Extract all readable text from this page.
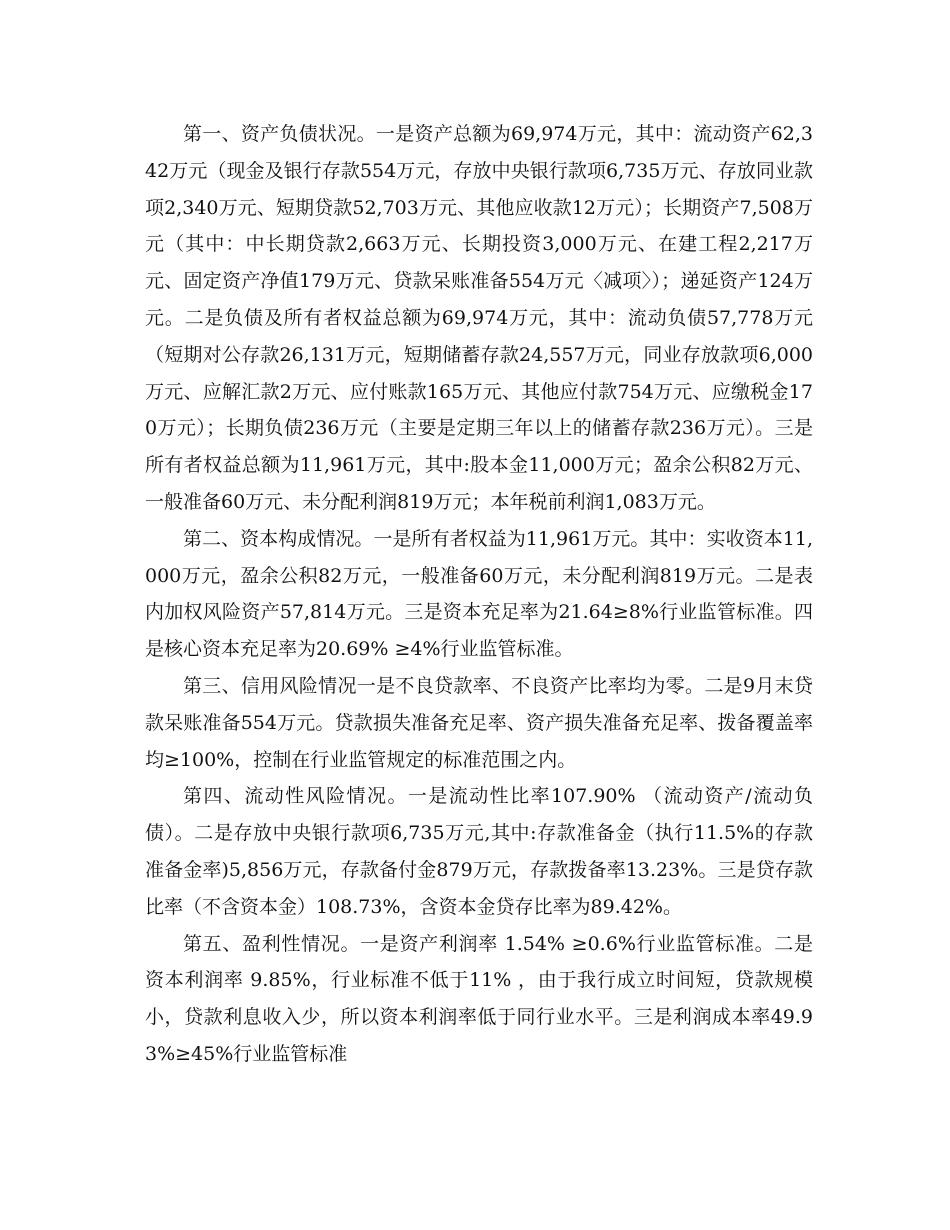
第一、资产负债状况。一是资产总额为69,974万元，其中：流动资产62,342万元（现金及银行存款554万元，存放中央银行款项6,735万元、存放同业款项2,340万元、短期贷款52,703万元、其他应收款12万元）；长期资产7,508万元（其中：中长期贷款2,663万元、长期投资3,000万元、在建工程2,217万元、固定资产净值179万元、贷款呆账准备554万元〈减项〉）；递延资产124万元。二是负债及所有者权益总额为69,974万元，其中：流动负债57,778万元（短期对公存款26,131万元，短期储蓄存款24,557万元，同业存放款项6,000万元、应解汇款2万元、应付账款165万元、其他应付款754万元、应缴税金170万元）；长期负债236万元（主要是定期三年以上的储蓄存款236万元）。三是所有者权益总额为11,961万元，其中:股本金11,000万元；盈余公积82万元、一般准备60万元、未分配利润819万元；本年税前利润1,083万元。

第二、资本构成情况。一是所有者权益为11,961万元。其中：实收资本11,000万元，盈余公积82万元，一般准备60万元，未分配利润819万元。二是表内加权风险资产57,814万元。三是资本充足率为21.64≥8%行业监管标准。四是核心资本充足率为20.69% ≥4%行业监管标准。

第三、信用风险情况一是不良贷款率、不良资产比率均为零。二是9月末贷款呆账准备554万元。贷款损失准备充足率、资产损失准备充足率、拨备覆盖率均≥100%，控制在行业监管规定的标准范围之内。

第四、流动性风险情况。一是流动性比率107.90% （流动资产/流动负债）。二是存放中央银行款项6,735万元,其中:存款准备金（执行11.5%的存款准备金率)5,856万元，存款备付金879万元，存款拨备率13.23%。三是贷存款比率（不含资本金）108.73%，含资本金贷存比率为89.42%。

第五、盈利性情况。一是资产利润率 1.54% ≥0.6%行业监管标准。二是资本利润率 9.85%，行业标准不低于11% ，由于我行成立时间短，贷款规模小，贷款利息收入少，所以资本利润率低于同行业水平。三是利润成本率49.93%≥45%行业监管标准
